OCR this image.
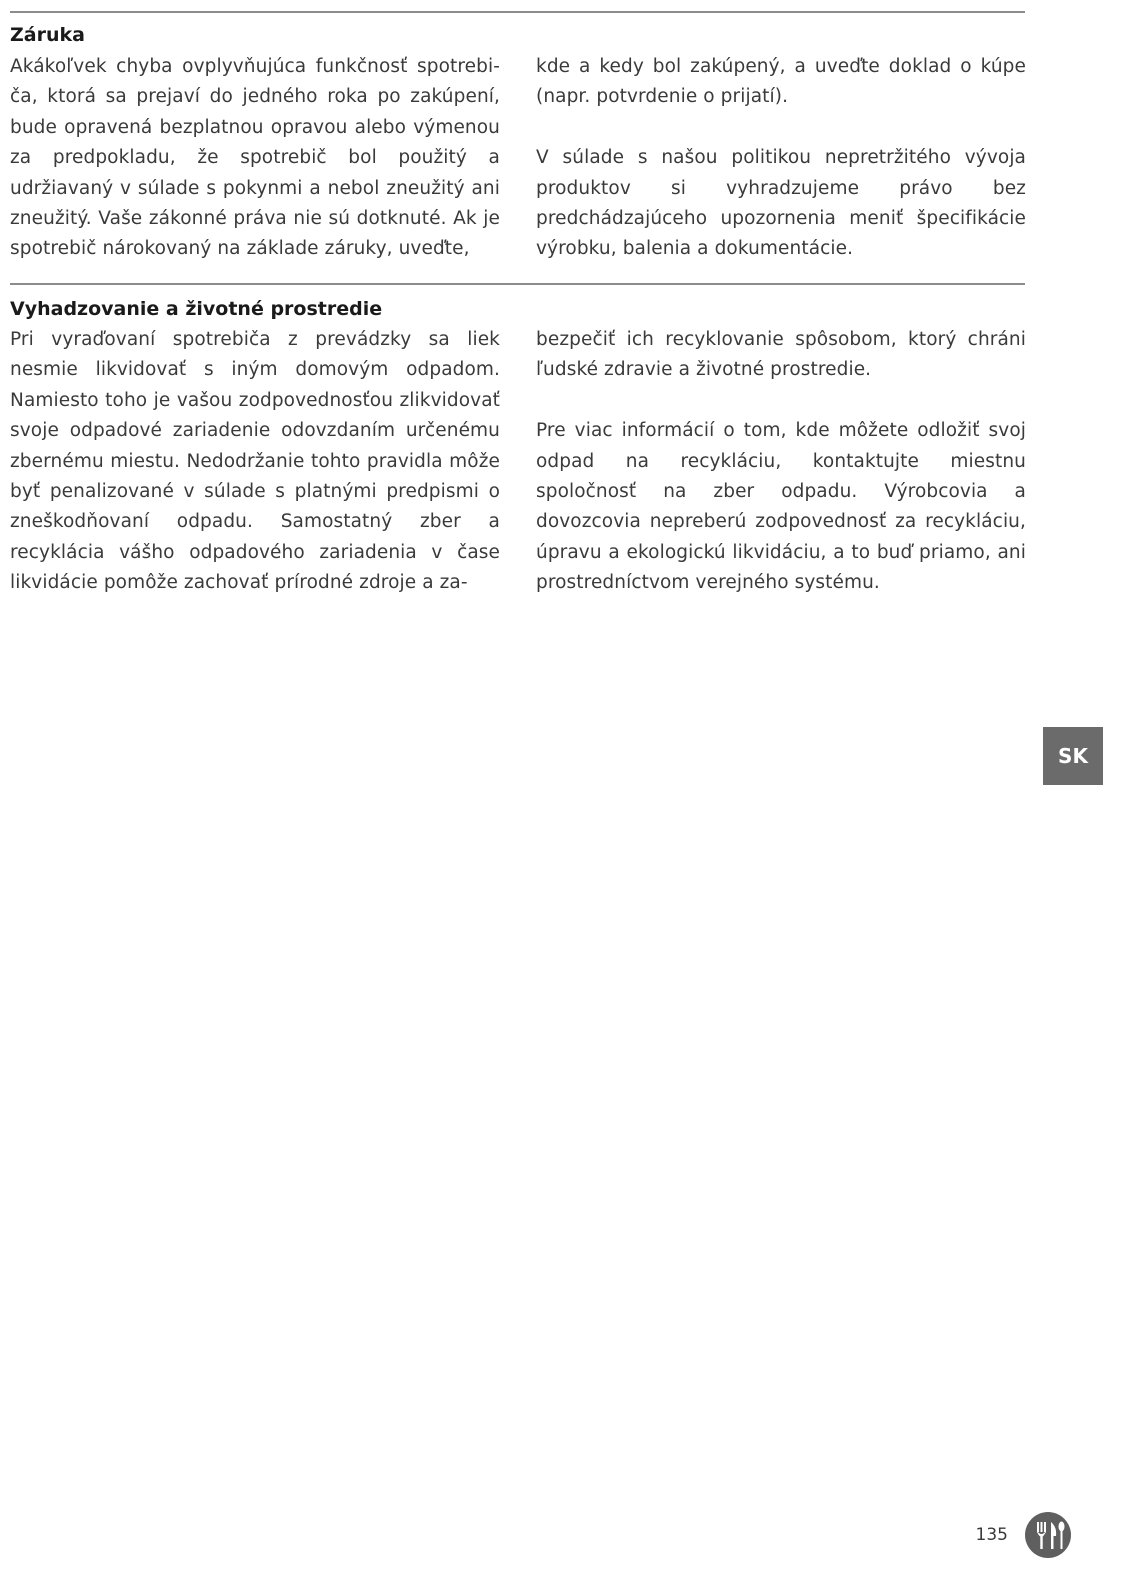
Záruka

Akákoľvek chyba ovplyvňujúca funkčnosť spotrebi-ča, ktorá sa prejaví do jedného roka po zakúpení, bude opravená bezplatnou opravou alebo výmenou za predpokladu, že spotrebič bol použitý a udržiavaný v súlade s pokynmi a nebol zneužitý ani zneužitý. Vaše zákonné práva nie sú dotknuté. Ak je spotrebič nárokovaný na základe záruky, uveďte,

kde a kedy bol zakúpený, a uveďte doklad o kúpe (napr. potvrdenie o prijatí).

V súlade s našou politikou nepretržitého vývoja produktov si vyhradzujeme právo bez predchádzajúceho upozornenia meniť špecifikácie výrobku, balenia a dokumentácie.

Vyhadzovanie a životné prostredie

Pri vyraďovaní spotrebiča z prevádzky sa liek nesmie likvidovať s iným domovým odpadom. Namiesto toho je vašou zodpovednosťou zlikvidovať svoje odpadové zariadenie odovzdaním určenému zbernému miestu. Nedodržanie tohto pravidla môže byť penalizované v súlade s platnými predpismi o zneškodňovaní odpadu. Samostatný zber a recyklácia vášho odpadového zariadenia v čase likvidácie pomôže zachovať prírodné zdroje a za-

bezpečiť ich recyklovanie spôsobom, ktorý chráni ľudské zdravie a životné prostredie.

Pre viac informácií o tom, kde môžete odložiť svoj odpad na recykláciu, kontaktujte miestnu spoločnosť na zber odpadu. Výrobcovia a dovozcovia nepreberú zodpovednosť za recykláciu, úpravu a ekologickú likvidáciu, a to buď priamo, ani prostredníctvom verejného systému.

SK
135
